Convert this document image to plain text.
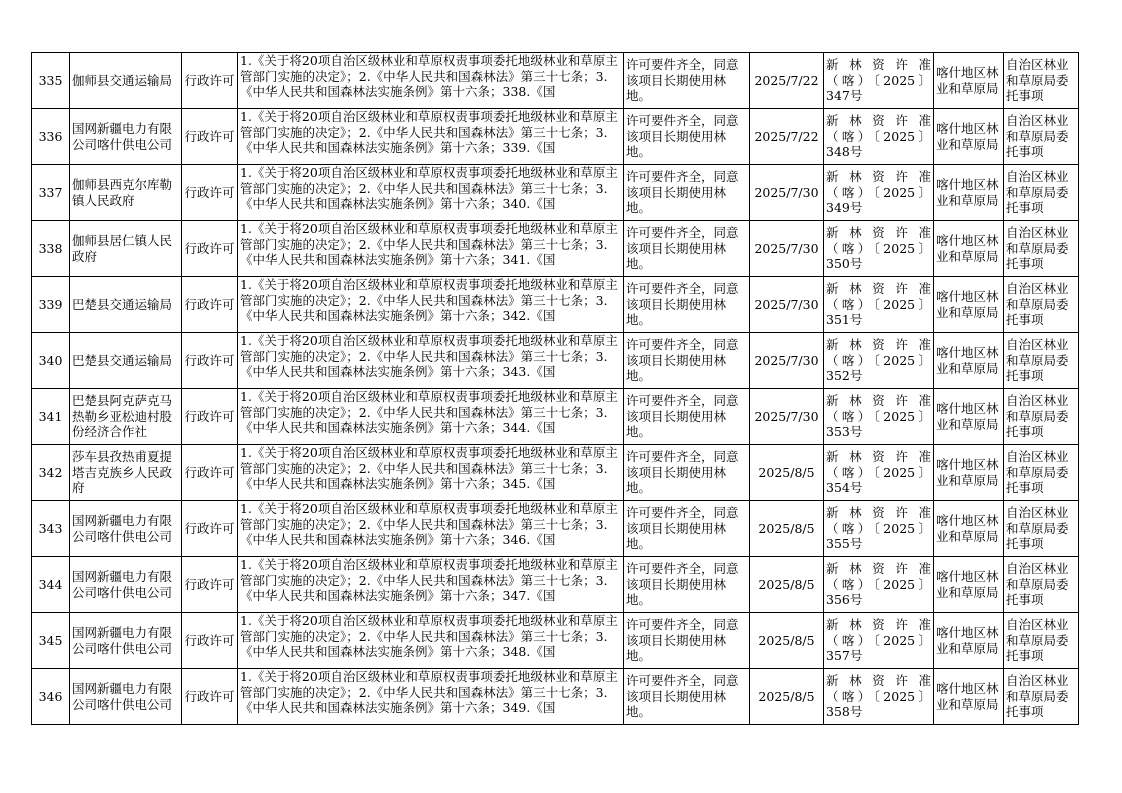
335	伽师县交通运输局	行政许可	1.《关于将20项自治区级林业和草原权责事项委托地级林业和草原主管部门实施的决定》；2.《中华人民共和国森林法》第三十七条；3.《中华人民共和国森林法实施条例》第十六条；338.《国	许可要件齐全，同意该项目长期使用林地。	2025/7/22	新林资许准
（喀）〔2025〕
347号	喀什地区林业和草原局	自治区林业和草原局委托事项
336	国网新疆电力有限公司喀什供电公司	行政许可	1.《关于将20项自治区级林业和草原权责事项委托地级林业和草原主管部门实施的决定》；2.《中华人民共和国森林法》第三十七条；3.《中华人民共和国森林法实施条例》第十六条；339.《国	许可要件齐全，同意该项目长期使用林地。	2025/7/22	新林资许准
（喀）〔2025〕
348号	喀什地区林业和草原局	自治区林业和草原局委托事项
337	伽师县西克尔库勒镇人民政府	行政许可	1.《关于将20项自治区级林业和草原权责事项委托地级林业和草原主管部门实施的决定》；2.《中华人民共和国森林法》第三十七条；3.《中华人民共和国森林法实施条例》第十六条；340.《国	许可要件齐全，同意该项目长期使用林地。	2025/7/30	新林资许准
（喀）〔2025〕
349号	喀什地区林业和草原局	自治区林业和草原局委托事项
338	伽师县居仁镇人民政府	行政许可	1.《关于将20项自治区级林业和草原权责事项委托地级林业和草原主管部门实施的决定》；2.《中华人民共和国森林法》第三十七条；3.《中华人民共和国森林法实施条例》第十六条；341.《国	许可要件齐全，同意该项目长期使用林地。	2025/7/30	新林资许准
（喀）〔2025〕
350号	喀什地区林业和草原局	自治区林业和草原局委托事项
339	巴楚县交通运输局	行政许可	1.《关于将20项自治区级林业和草原权责事项委托地级林业和草原主管部门实施的决定》；2.《中华人民共和国森林法》第三十七条；3.《中华人民共和国森林法实施条例》第十六条；342.《国	许可要件齐全，同意该项目长期使用林地。	2025/7/30	新林资许准
（喀）〔2025〕
351号	喀什地区林业和草原局	自治区林业和草原局委托事项
340	巴楚县交通运输局	行政许可	1.《关于将20项自治区级林业和草原权责事项委托地级林业和草原主管部门实施的决定》；2.《中华人民共和国森林法》第三十七条；3.《中华人民共和国森林法实施条例》第十六条；343.《国	许可要件齐全，同意该项目长期使用林地。	2025/7/30	新林资许准
（喀）〔2025〕
352号	喀什地区林业和草原局	自治区林业和草原局委托事项
341	巴楚县阿克萨克马热勒乡亚松迪村股份经济合作社	行政许可	1.《关于将20项自治区级林业和草原权责事项委托地级林业和草原主管部门实施的决定》；2.《中华人民共和国森林法》第三十七条；3.《中华人民共和国森林法实施条例》第十六条；344.《国	许可要件齐全，同意该项目长期使用林地。	2025/7/30	新林资许准
（喀）〔2025〕
353号	喀什地区林业和草原局	自治区林业和草原局委托事项
342	莎车县孜热甫夏提塔吉克族乡人民政府	行政许可	1.《关于将20项自治区级林业和草原权责事项委托地级林业和草原主管部门实施的决定》；2.《中华人民共和国森林法》第三十七条；3.《中华人民共和国森林法实施条例》第十六条；345.《国	许可要件齐全，同意该项目长期使用林地。	2025/8/5	新林资许准
（喀）〔2025〕
354号	喀什地区林业和草原局	自治区林业和草原局委托事项
343	国网新疆电力有限公司喀什供电公司	行政许可	1.《关于将20项自治区级林业和草原权责事项委托地级林业和草原主管部门实施的决定》；2.《中华人民共和国森林法》第三十七条；3.《中华人民共和国森林法实施条例》第十六条；346.《国	许可要件齐全，同意该项目长期使用林地。	2025/8/5	新林资许准
（喀）〔2025〕
355号	喀什地区林业和草原局	自治区林业和草原局委托事项
344	国网新疆电力有限公司喀什供电公司	行政许可	1.《关于将20项自治区级林业和草原权责事项委托地级林业和草原主管部门实施的决定》；2.《中华人民共和国森林法》第三十七条；3.《中华人民共和国森林法实施条例》第十六条；347.《国	许可要件齐全，同意该项目长期使用林地。	2025/8/5	新林资许准
（喀）〔2025〕
356号	喀什地区林业和草原局	自治区林业和草原局委托事项
345	国网新疆电力有限公司喀什供电公司	行政许可	1.《关于将20项自治区级林业和草原权责事项委托地级林业和草原主管部门实施的决定》；2.《中华人民共和国森林法》第三十七条；3.《中华人民共和国森林法实施条例》第十六条；348.《国	许可要件齐全，同意该项目长期使用林地。	2025/8/5	新林资许准
（喀）〔2025〕
357号	喀什地区林业和草原局	自治区林业和草原局委托事项
346	国网新疆电力有限公司喀什供电公司	行政许可	1.《关于将20项自治区级林业和草原权责事项委托地级林业和草原主管部门实施的决定》；2.《中华人民共和国森林法》第三十七条；3.《中华人民共和国森林法实施条例》第十六条；349.《国	许可要件齐全，同意该项目长期使用林地。	2025/8/5	新林资许准
（喀）〔2025〕
358号	喀什地区林业和草原局	自治区林业和草原局委托事项
